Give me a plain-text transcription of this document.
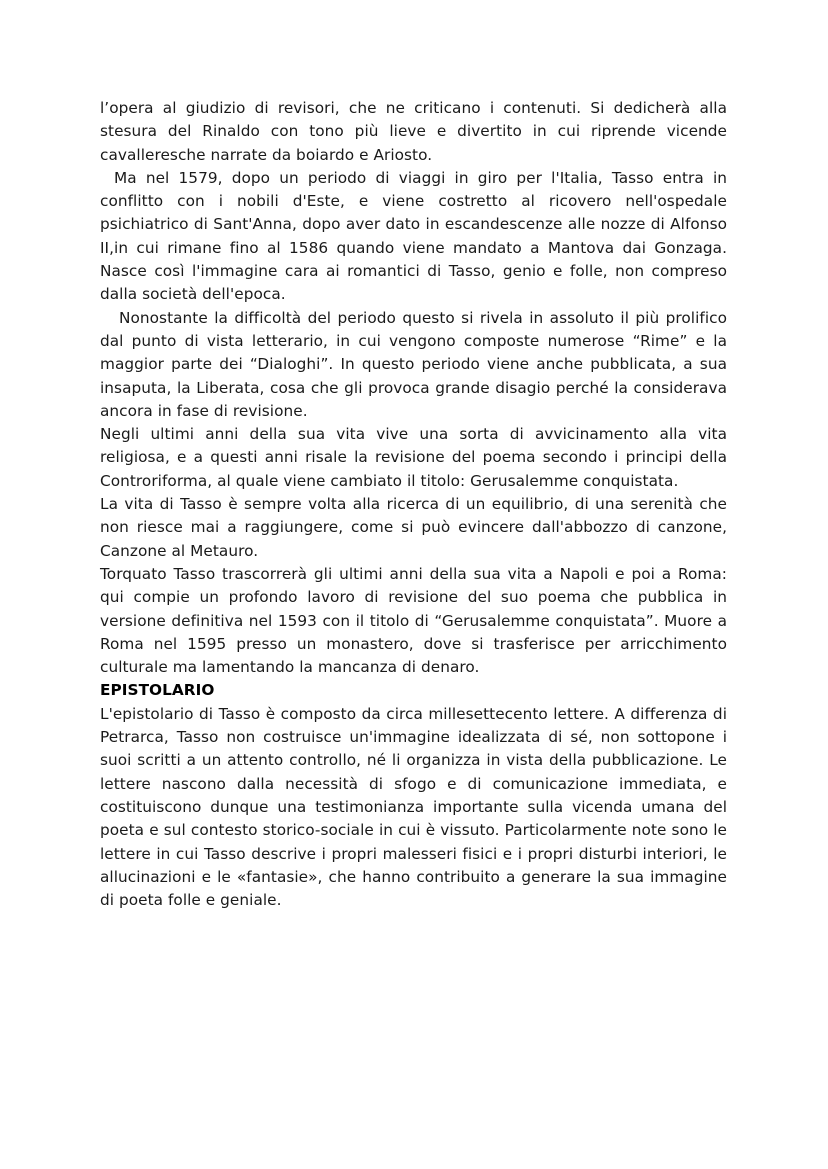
l’opera al giudizio di revisori, che ne criticano i contenuti. Si dedicherà alla stesura del Rinaldo con tono più lieve e divertito in cui riprende vicende cavalleresche narrate da boiardo e Ariosto.

Ma nel 1579, dopo un periodo di viaggi in giro per l'Italia, Tasso entra in conflitto con i nobili d'Este, e viene costretto al ricovero nell'ospedale psichiatrico di Sant'Anna, dopo aver dato in escandescenze alle nozze di Alfonso II,in cui rimane fino al 1586 quando viene mandato a Mantova dai Gonzaga. Nasce così l'immagine cara ai romantici di Tasso, genio e folle, non compreso dalla società dell'epoca.

Nonostante la difficoltà del periodo questo si rivela in assoluto il più prolifico dal punto di vista letterario, in cui vengono composte numerose “Rime” e la maggior parte dei “Dialoghi”. In questo periodo viene anche pubblicata, a sua insaputa, la Liberata, cosa che gli provoca grande disagio perché la considerava ancora in fase di revisione.

Negli ultimi anni della sua vita vive una sorta di avvicinamento alla vita religiosa, e a questi anni risale la revisione del poema secondo i principi della Controriforma, al quale viene cambiato il titolo: Gerusalemme conquistata.

La vita di Tasso è sempre volta alla ricerca di un equilibrio, di una serenità che non riesce mai a raggiungere, come si può evincere dall'abbozzo di canzone, Canzone al Metauro.

Torquato Tasso trascorrerà gli ultimi anni della sua vita a Napoli e poi a Roma: qui compie un profondo lavoro di revisione del suo poema che pubblica in versione definitiva nel 1593 con il titolo di “Gerusalemme conquistata”. Muore a Roma nel 1595 presso un monastero, dove si trasferisce per arricchimento culturale ma lamentando la mancanza di denaro.

EPISTOLARIO

L'epistolario di Tasso è composto da circa millesettecento lettere. A differenza di Petrarca, Tasso non costruisce un'immagine idealizzata di sé, non sottopone i suoi scritti a un attento controllo, né li organizza in vista della pubblicazione. Le lettere nascono dalla necessità di sfogo e di comunicazione immediata, e costituiscono dunque una testimonianza importante sulla vicenda umana del poeta e sul contesto storico-sociale in cui è vissuto. Particolarmente note sono le lettere in cui Tasso descrive i propri malesseri fisici e i propri disturbi interiori, le allucinazioni e le «fantasie», che hanno contribuito a generare la sua immagine di poeta folle e geniale.
